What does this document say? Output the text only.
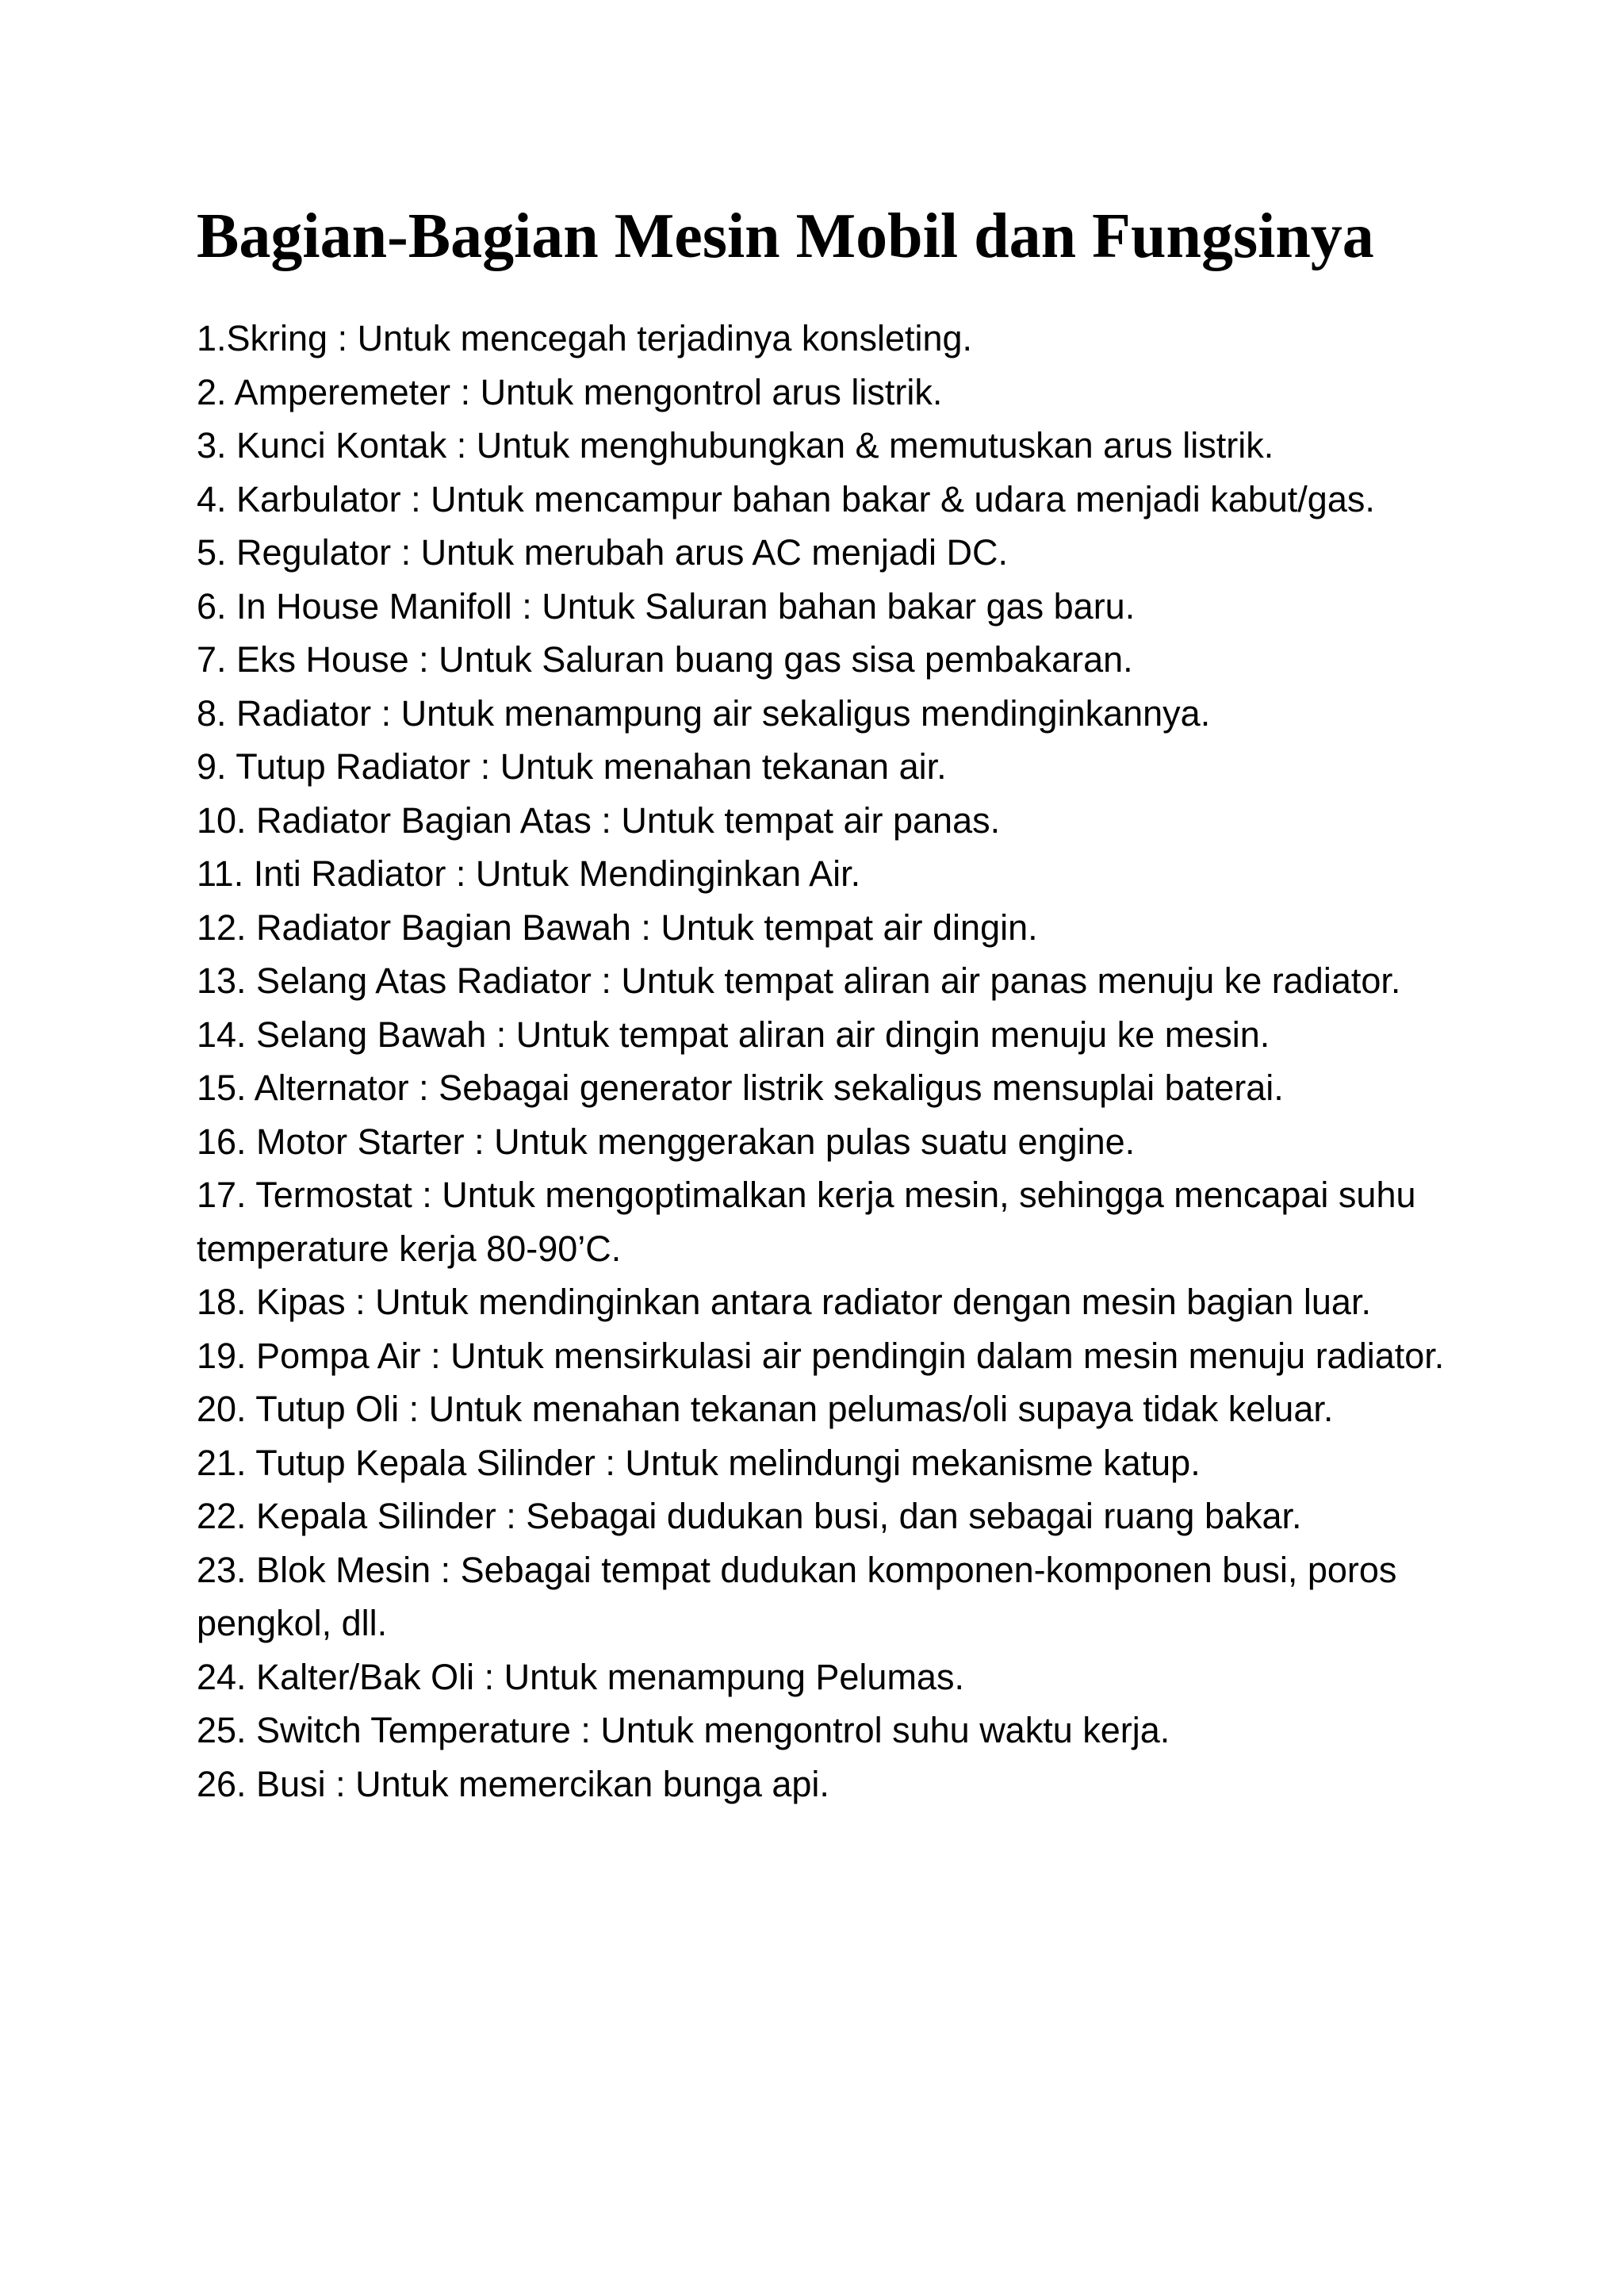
Bagian-Bagian Mesin Mobil dan Fungsinya
1.Skring : Untuk mencegah terjadinya konsleting.
2. Amperemeter : Untuk mengontrol arus listrik.
3. Kunci Kontak : Untuk menghubungkan & memutuskan arus listrik.
4. Karbulator : Untuk mencampur bahan bakar & udara menjadi kabut/gas.
5. Regulator : Untuk merubah arus AC menjadi DC.
6. In House Manifoll : Untuk Saluran bahan bakar gas baru.
7. Eks House : Untuk Saluran buang gas sisa pembakaran.
8. Radiator : Untuk menampung air sekaligus mendinginkannya.
9. Tutup Radiator : Untuk menahan tekanan air.
10. Radiator Bagian Atas : Untuk tempat air panas.
11. Inti Radiator : Untuk Mendinginkan Air.
12. Radiator Bagian Bawah : Untuk tempat air dingin.
13. Selang Atas Radiator : Untuk tempat aliran air panas menuju ke radiator.
14. Selang Bawah : Untuk tempat aliran air dingin menuju ke mesin.
15. Alternator : Sebagai generator listrik sekaligus mensuplai baterai.
16. Motor Starter : Untuk menggerakan pulas suatu engine.
17. Termostat : Untuk mengoptimalkan kerja mesin, sehingga mencapai suhu temperature kerja 80-90’C.
18. Kipas : Untuk mendinginkan antara radiator dengan mesin bagian luar.
19. Pompa Air : Untuk mensirkulasi air pendingin dalam mesin menuju radiator.
20. Tutup Oli : Untuk menahan tekanan pelumas/oli supaya tidak keluar.
21. Tutup Kepala Silinder : Untuk melindungi mekanisme katup.
22. Kepala Silinder : Sebagai dudukan busi, dan sebagai ruang bakar.
23. Blok Mesin : Sebagai tempat dudukan komponen-komponen busi, poros pengkol, dll.
24. Kalter/Bak Oli : Untuk menampung Pelumas.
25. Switch Temperature : Untuk mengontrol suhu waktu kerja.
26. Busi : Untuk memercikan bunga api.
